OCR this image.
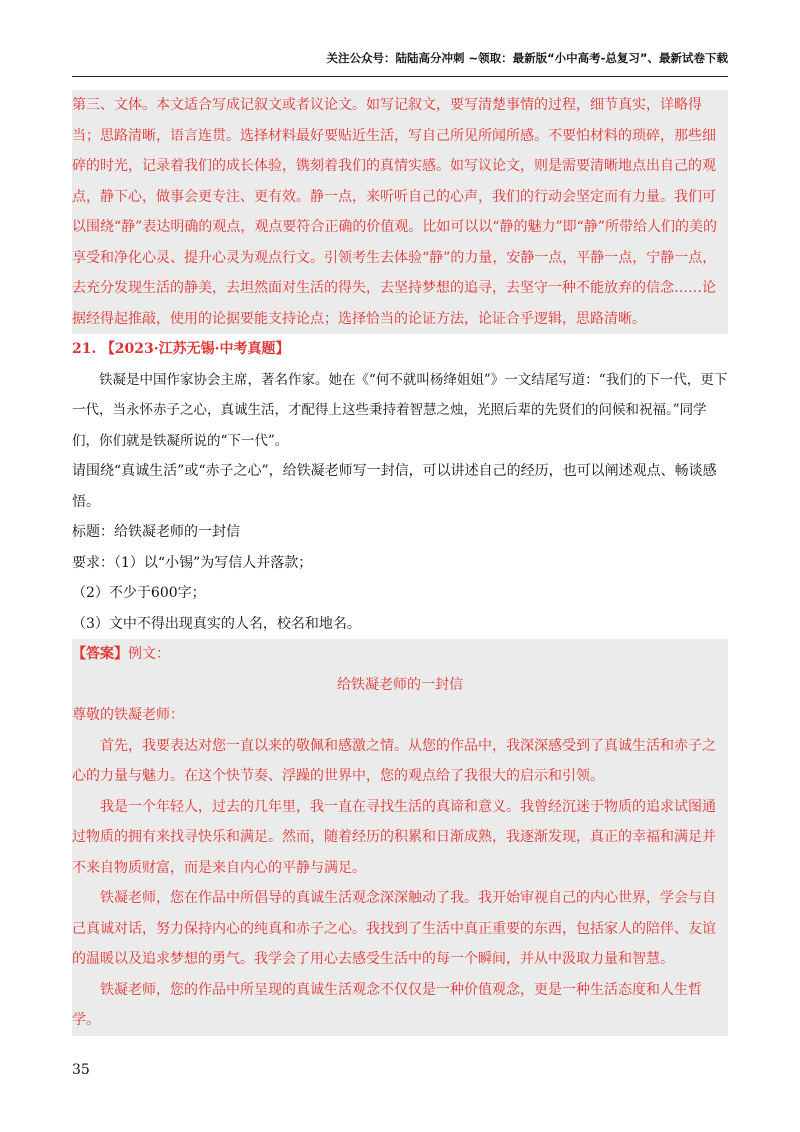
关注公众号：陆陆高分冲刺 ~领取：最新版“小中高考-总复习”、最新试卷下载

第三、文体。本文适合写成记叙文或者议论文。如写记叙文，要写清楚事情的过程，细节真实，详略得当；思路清晰，语言连贯。选择材料最好要贴近生活，写自己所见所闻所感。不要怕材料的琐碎，那些细碎的时光，记录着我们的成长体验，镌刻着我们的真情实感。如写议论文，则是需要清晰地点出自己的观点，静下心，做事会更专注、更有效。静一点，来听听自己的心声，我们的行动会坚定而有力量。我们可以围绕“静”表达明确的观点，观点要符合正确的价值观。比如可以以“静的魅力”即“静”所带给人们的美的享受和净化心灵、提升心灵为观点行文。引领考生去体验“静”的力量，安静一点，平静一点，宁静一点，去充分发现生活的静美，去坦然面对生活的得失，去坚持梦想的追寻，去坚守一种不能放弃的信念……论据经得起推敲，使用的论据要能支持论点；选择恰当的论证方法，论证合乎逻辑，思路清晰。

21. 【2023·江苏无锡·中考真题】

铁凝是中国作家协会主席，著名作家。她在《“何不就叫杨绛姐姐”》一文结尾写道：“我们的下一代，更下一代，当永怀赤子之心，真诚生活，才配得上这些秉持着智慧之烛，光照后辈的先贤们的问候和祝福。”同学们，你们就是铁凝所说的“下一代”。

请围绕“真诚生活”或“赤子之心”，给铁凝老师写一封信，可以讲述自己的经历，也可以阐述观点、畅谈感悟。

标题：给铁凝老师的一封信

要求：（1）以“小锡”为写信人并落款；

（2）不少于600字；

（3）文中不得出现真实的人名，校名和地名。

【答案】例文：

给铁凝老师的一封信

尊敬的铁凝老师：

首先，我要表达对您一直以来的敬佩和感激之情。从您的作品中，我深深感受到了真诚生活和赤子之心的力量与魅力。在这个快节奏、浮躁的世界中，您的观点给了我很大的启示和引领。

我是一个年轻人，过去的几年里，我一直在寻找生活的真谛和意义。我曾经沉迷于物质的追求试图通过物质的拥有来找寻快乐和满足。然而，随着经历的积累和日渐成熟，我逐渐发现，真正的幸福和满足并不来自物质财富，而是来自内心的平静与满足。

铁凝老师，您在作品中所倡导的真诚生活观念深深触动了我。我开始审视自己的内心世界，学会与自己真诚对话，努力保持内心的纯真和赤子之心。我找到了生活中真正重要的东西，包括家人的陪伴、友谊的温暖以及追求梦想的勇气。我学会了用心去感受生活中的每一个瞬间，并从中汲取力量和智慧。

铁凝老师，您的作品中所呈现的真诚生活观念不仅仅是一种价值观念，更是一种生活态度和人生哲学。

35
